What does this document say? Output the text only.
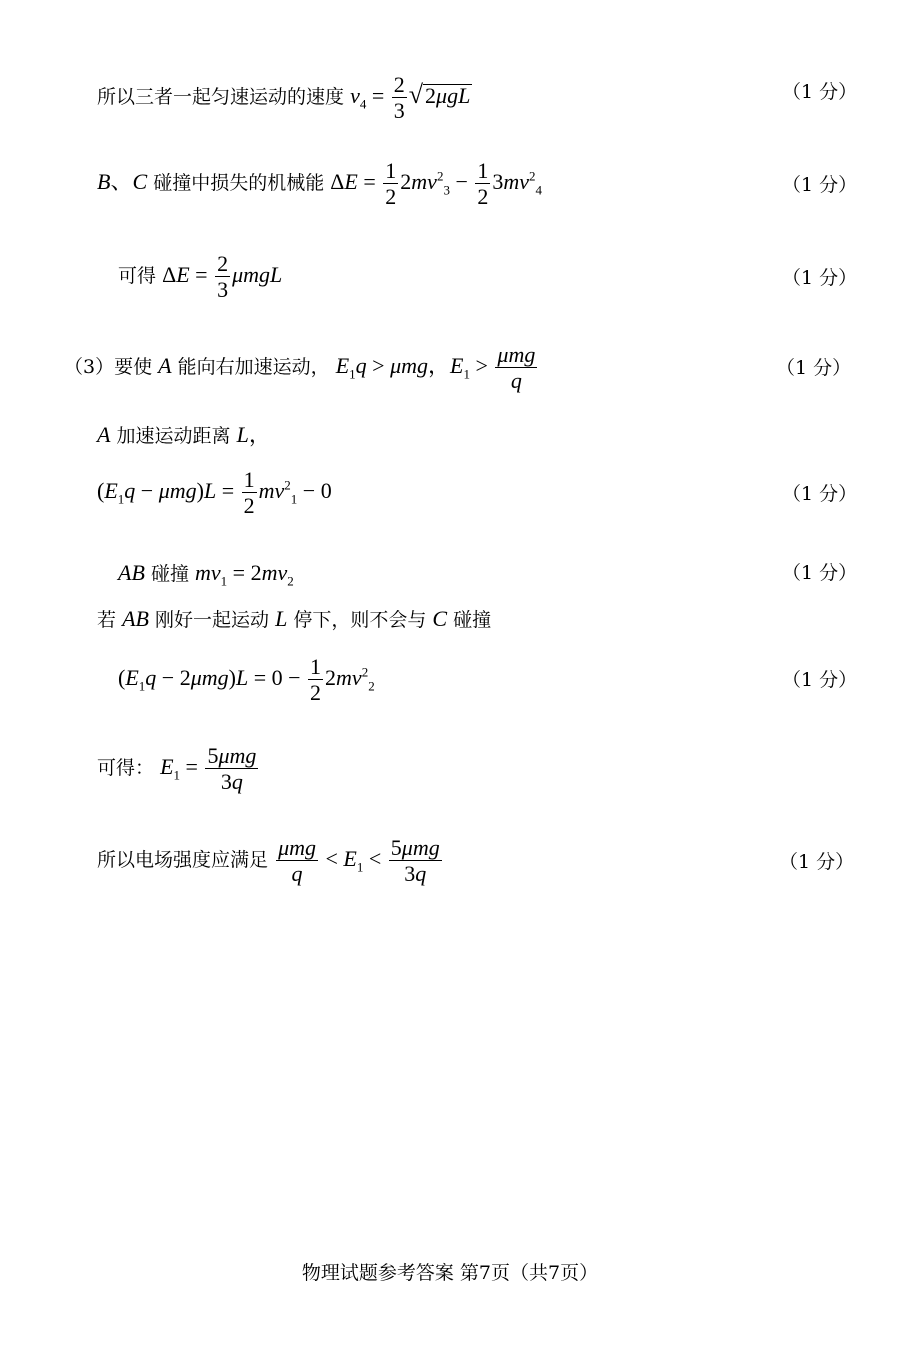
所以三者一起匀速运动的速度 $v_4 = \frac{2}{3} √2\mu gL$	（1 分）
B、C 碰撞中损失的机械能 $\Delta E = \frac{1}{2} 2mv^2_3 - \frac{1}{2} 3mv^2_4$	（1 分）
可得 $\Delta E = \frac{2}{3}$ μmgL	（1 分）
（3）要使 A 能向右加速运动， $E_1q > \mu mg$，$E_1 > \frac{\text{μmg}}{q}$	（1 分）
A 加速运动距离 L，
$(E_1q - \mu mg)L = \frac{1}{2} mv^2_1 - 0$	（1 分）
AB 碰撞 $mv_1 = 2mv_2$	（1 分）
若 AB 刚好一起运动 L 停下，则不会与 C 碰撞
$(E_1q - 2\mu mg)L = 0 - \frac{1}{2} 2mv^2_2$	（1 分）
可得： $E_1 = \frac{\text{5μmg}}{3q}$
所以电场强度应满足 $\frac{\text{μmg}}{q} < E_1 < \frac{\text{5μmg}}{3q}$	（1 分）
物理试题参考答案 第7页（共7页）
